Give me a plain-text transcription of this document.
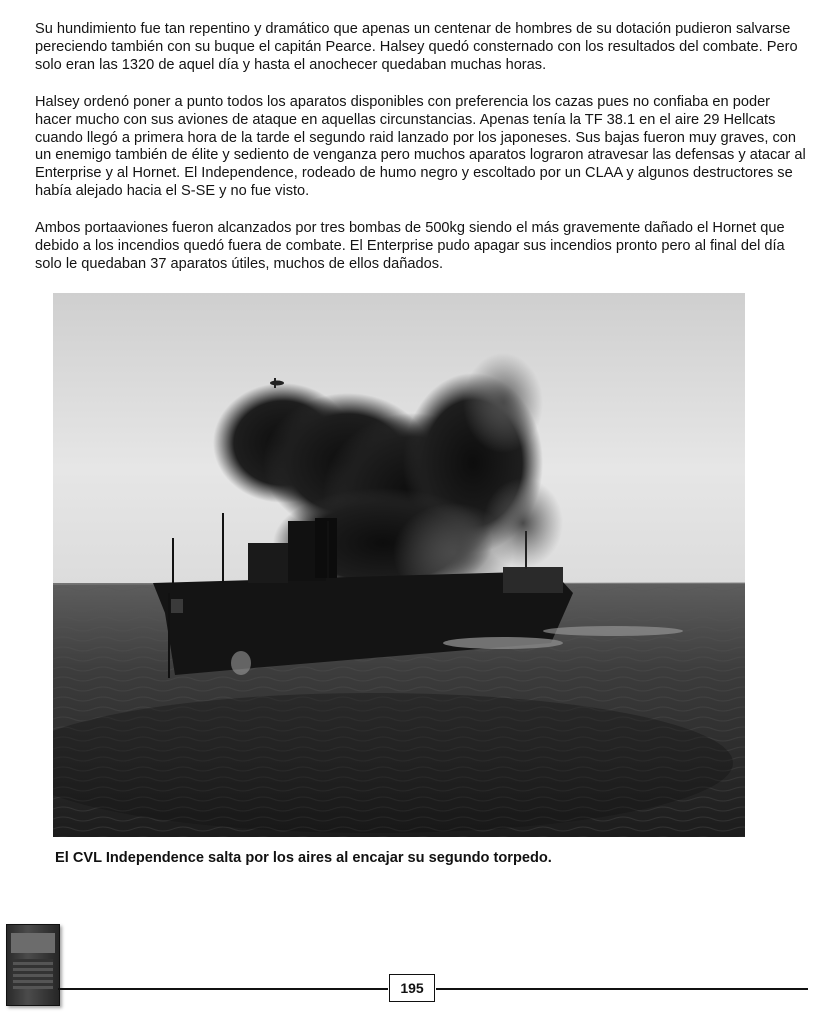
Su hundimiento fue tan repentino y dramático que apenas un centenar de hombres de su dotación pudieron salvarse pereciendo también con su buque el capitán Pearce. Halsey quedó consternado con los resultados del combate. Pero solo eran las 1320 de aquel día y hasta el anochecer quedaban muchas horas.

Halsey ordenó poner a punto todos los aparatos disponibles con preferencia los cazas pues no confiaba en poder hacer mucho con sus aviones de ataque en aquellas circunstancias. Apenas tenía la TF 38.1 en el aire 29 Hellcats cuando llegó a primera hora de la tarde el segundo raid lanzado por los japoneses. Sus bajas fueron muy graves, con un enemigo también de élite y sediento de venganza pero muchos aparatos lograron atravesar las defensas y atacar al Enterprise y al Hornet. El Independence, rodeado de humo negro y escoltado por un CLAA y algunos destructores se había alejado hacia el S-SE y no fue visto.

Ambos portaaviones fueron alcanzados por tres bombas de 500kg siendo el más gravemente dañado el Hornet que debido a los incendios quedó fuera de combate. El Enterprise pudo apagar sus incendios pronto pero al final del día solo le quedaban 37 aparatos útiles, muchos de ellos dañados.

El CVL Independence salta por los aires al encajar su segundo torpedo.

195
